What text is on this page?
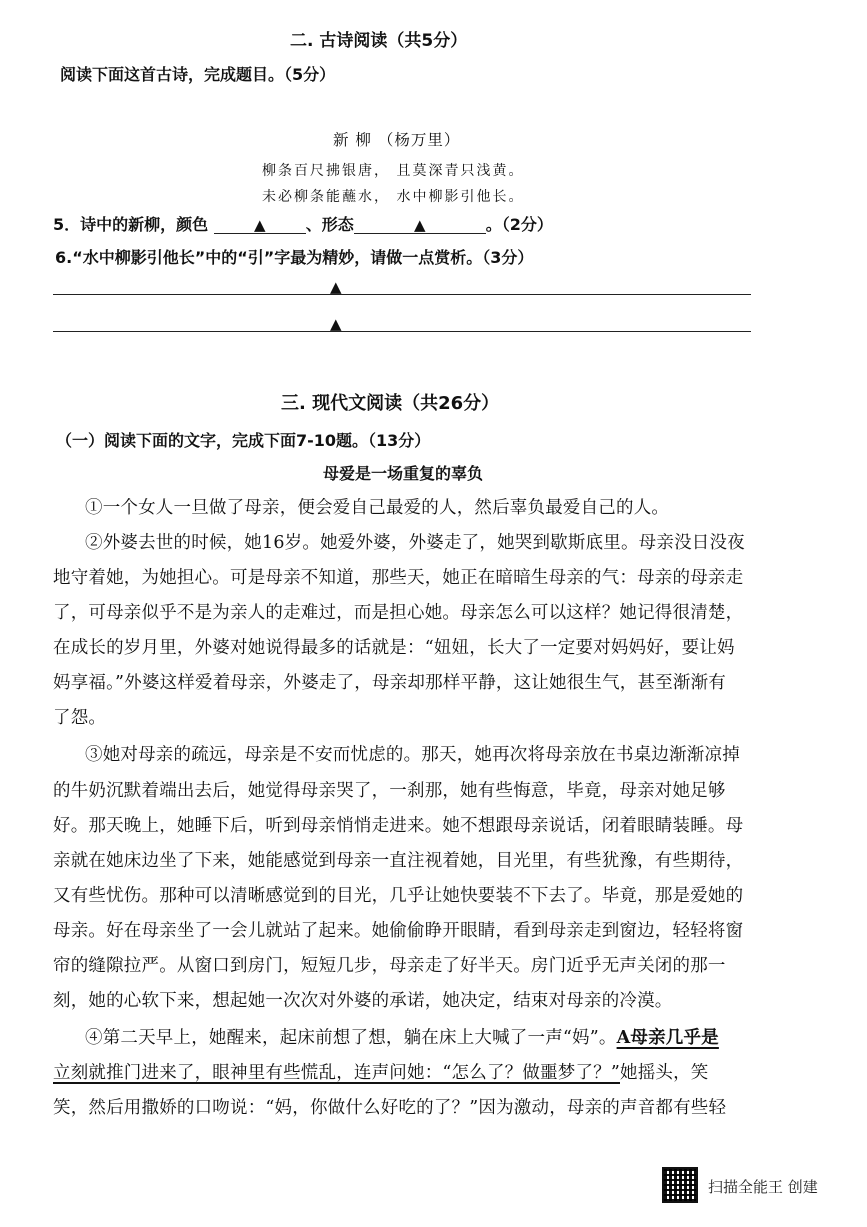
二. 古诗阅读（共5分）
阅读下面这首古诗，完成题目。（5分）
新 柳 （杨万里）
柳条百尺拂银唐， 且莫深青只浅黄。
未必柳条能蘸水， 水中柳影引他长。
5．诗中的新柳，颜色	▲	、形态	▲	。（2分）
6.“水中柳影引他长”中的“引”字最为精妙，请做一点赏析。（3分）
▲
▲
三. 现代文阅读（共26分）
（一）阅读下面的文字，完成下面7-10题。（13分）
母爱是一场重复的辜负
①一个女人一旦做了母亲，便会爱自己最爱的人，然后辜负最爱自己的人。
②外婆去世的时候，她16岁。她爱外婆，外婆走了，她哭到歇斯底里。母亲没日没夜
地守着她，为她担心。可是母亲不知道，那些天，她正在暗暗生母亲的气：母亲的母亲走
了，可母亲似乎不是为亲人的走难过，而是担心她。母亲怎么可以这样？她记得很清楚，
在成长的岁月里，外婆对她说得最多的话就是：“妞妞，长大了一定要对妈妈好，要让妈
妈享福。”外婆这样爱着母亲，外婆走了，母亲却那样平静，这让她很生气，甚至渐渐有
了怨。
③她对母亲的疏远，母亲是不安而忧虑的。那天，她再次将母亲放在书桌边渐渐凉掉
的牛奶沉默着端出去后，她觉得母亲哭了，一刹那，她有些悔意，毕竟，母亲对她足够
好。那天晚上，她睡下后，听到母亲悄悄走进来。她不想跟母亲说话，闭着眼睛装睡。母
亲就在她床边坐了下来，她能感觉到母亲一直注视着她，目光里，有些犹豫，有些期待，
又有些忧伤。那种可以清晰感觉到的目光，几乎让她快要装不下去了。毕竟，那是爱她的
母亲。好在母亲坐了一会儿就站了起来。她偷偷睁开眼睛，看到母亲走到窗边，轻轻将窗
帘的缝隙拉严。从窗口到房门，短短几步，母亲走了好半天。房门近乎无声关闭的那一
刻，她的心软下来，想起她一次次对外婆的承诺，她决定，结束对母亲的冷漠。
④第二天早上，她醒来，起床前想了想，躺在床上大喊了一声“妈”。A母亲几乎是
立刻就推门进来了，眼神里有些慌乱，连声问她：“怎么了？做噩梦了？”她摇头，笑
笑，然后用撒娇的口吻说：“妈，你做什么好吃的了？”因为激动，母亲的声音都有些轻
扫描全能王 创建
